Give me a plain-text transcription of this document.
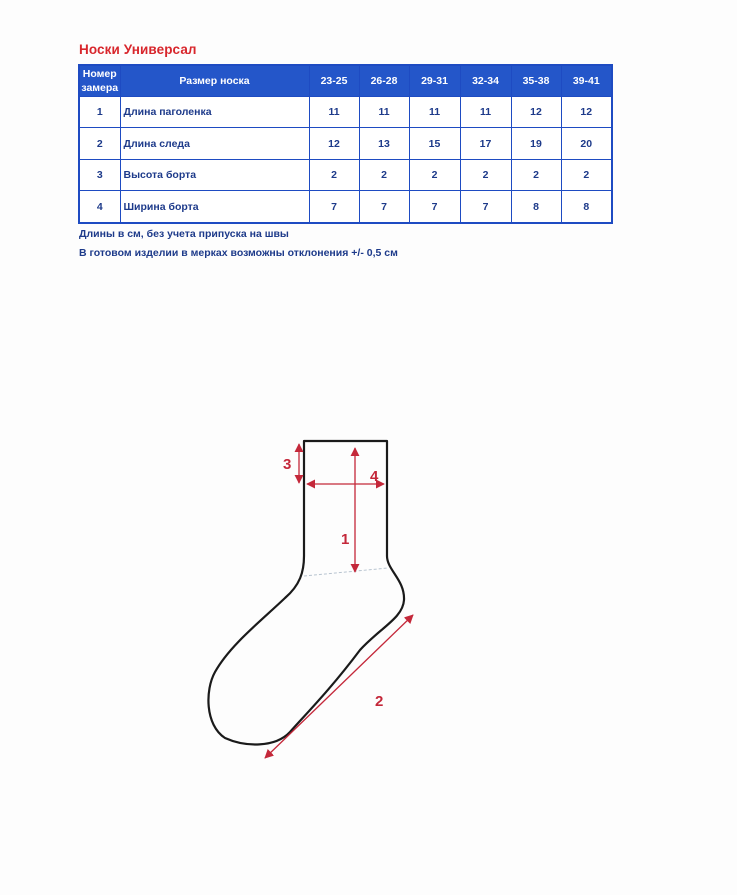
Носки Универсал
Номер
замера	Размер носка	23-25	26-28	29-31	32-34	35-38	39-41
1	Длина паголенка	11	11	11	11	12	12
2	Длина следа	12	13	15	17	19	20
3	Высота борта	2	2	2	2	2	2
4	Ширина борта	7	7	7	7	8	8
Длины в см, без учета припуска на швы
В готовом изделии в мерках возможны отклонения +/- 0,5 см
1
2
3
4
